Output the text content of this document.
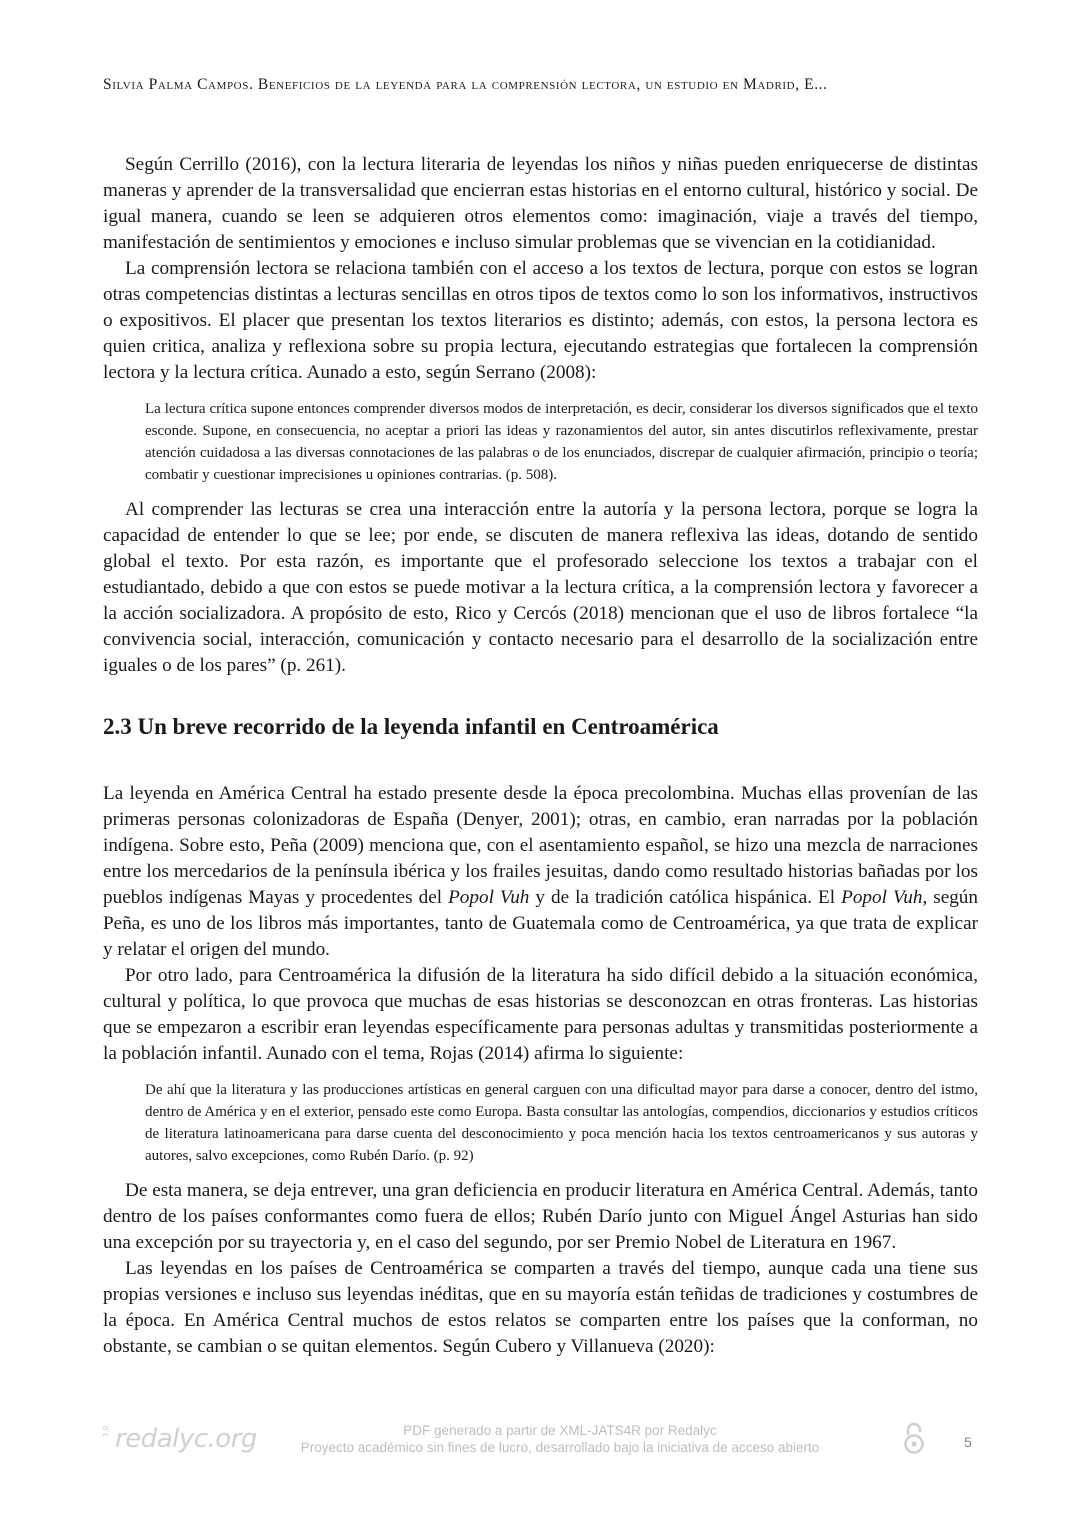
Silvia Palma Campos. Beneficios de la leyenda para la comprensión lectora, un estudio en Madrid, E...

Según Cerrillo (2016), con la lectura literaria de leyendas los niños y niñas pueden enriquecerse de distintas maneras y aprender de la transversalidad que encierran estas historias en el entorno cultural, histórico y social. De igual manera, cuando se leen se adquieren otros elementos como: imaginación, viaje a través del tiempo, manifestación de sentimientos y emociones e incluso simular problemas que se vivencian en la cotidianidad.

La comprensión lectora se relaciona también con el acceso a los textos de lectura, porque con estos se logran otras competencias distintas a lecturas sencillas en otros tipos de textos como lo son los informativos, instructivos o expositivos. El placer que presentan los textos literarios es distinto; además, con estos, la persona lectora es quien critica, analiza y reflexiona sobre su propia lectura, ejecutando estrategias que fortalecen la comprensión lectora y la lectura crítica. Aunado a esto, según Serrano (2008):

La lectura crítica supone entonces comprender diversos modos de interpretación, es decir, considerar los diversos significados que el texto esconde. Supone, en consecuencia, no aceptar a priori las ideas y razonamientos del autor, sin antes discutirlos reflexivamente, prestar atención cuidadosa a las diversas connotaciones de las palabras o de los enunciados, discrepar de cualquier afirmación, principio o teoría; combatir y cuestionar imprecisiones u opiniones contrarias. (p. 508).

Al comprender las lecturas se crea una interacción entre la autoría y la persona lectora, porque se logra la capacidad de entender lo que se lee; por ende, se discuten de manera reflexiva las ideas, dotando de sentido global el texto. Por esta razón, es importante que el profesorado seleccione los textos a trabajar con el estudiantado, debido a que con estos se puede motivar a la lectura crítica, a la comprensión lectora y favorecer a la acción socializadora. A propósito de esto, Rico y Cercós (2018) mencionan que el uso de libros fortalece “la convivencia social, interacción, comunicación y contacto necesario para el desarrollo de la socialización entre iguales o de los pares” (p. 261).

2.3 Un breve recorrido de la leyenda infantil en Centroamérica

La leyenda en América Central ha estado presente desde la época precolombina. Muchas ellas provenían de las primeras personas colonizadoras de España (Denyer, 2001); otras, en cambio, eran narradas por la población indígena. Sobre esto, Peña (2009) menciona que, con el asentamiento español, se hizo una mezcla de narraciones entre los mercedarios de la península ibérica y los frailes jesuitas, dando como resultado historias bañadas por los pueblos indígenas Mayas y procedentes del Popol Vuh y de la tradición católica hispánica. El Popol Vuh, según Peña, es uno de los libros más importantes, tanto de Guatemala como de Centroamérica, ya que trata de explicar y relatar el origen del mundo.

Por otro lado, para Centroamérica la difusión de la literatura ha sido difícil debido a la situación económica, cultural y política, lo que provoca que muchas de esas historias se desconozcan en otras fronteras. Las historias que se empezaron a escribir eran leyendas específicamente para personas adultas y transmitidas posteriormente a la población infantil. Aunado con el tema, Rojas (2014) afirma lo siguiente:

De ahí que la literatura y las producciones artísticas en general carguen con una dificultad mayor para darse a conocer, dentro del istmo, dentro de América y en el exterior, pensado este como Europa. Basta consultar las antologías, compendios, diccionarios y estudios críticos de literatura latinoamericana para darse cuenta del desconocimiento y poca mención hacia los textos centroamericanos y sus autoras y autores, salvo excepciones, como Rubén Darío. (p. 92)

De esta manera, se deja entrever, una gran deficiencia en producir literatura en América Central. Además, tanto dentro de los países conformantes como fuera de ellos; Rubén Darío junto con Miguel Ángel Asturias han sido una excepción por su trayectoria y, en el caso del segundo, por ser Premio Nobel de Literatura en 1967.

Las leyendas en los países de Centroamérica se comparten a través del tiempo, aunque cada una tiene sus propias versiones e incluso sus leyendas inéditas, que en su mayoría están teñidas de tradiciones y costumbres de la época. En América Central muchos de estos relatos se comparten entre los países que la conforman, no obstante, se cambian o se quitan elementos. Según Cubero y Villanueva (2020):

3.0 redalyc.org	PDF generado a partir de XML-JATS4R por Redalyc
Proyecto académico sin fines de lucro, desarrollado bajo la iniciativa de acceso abierto	5
